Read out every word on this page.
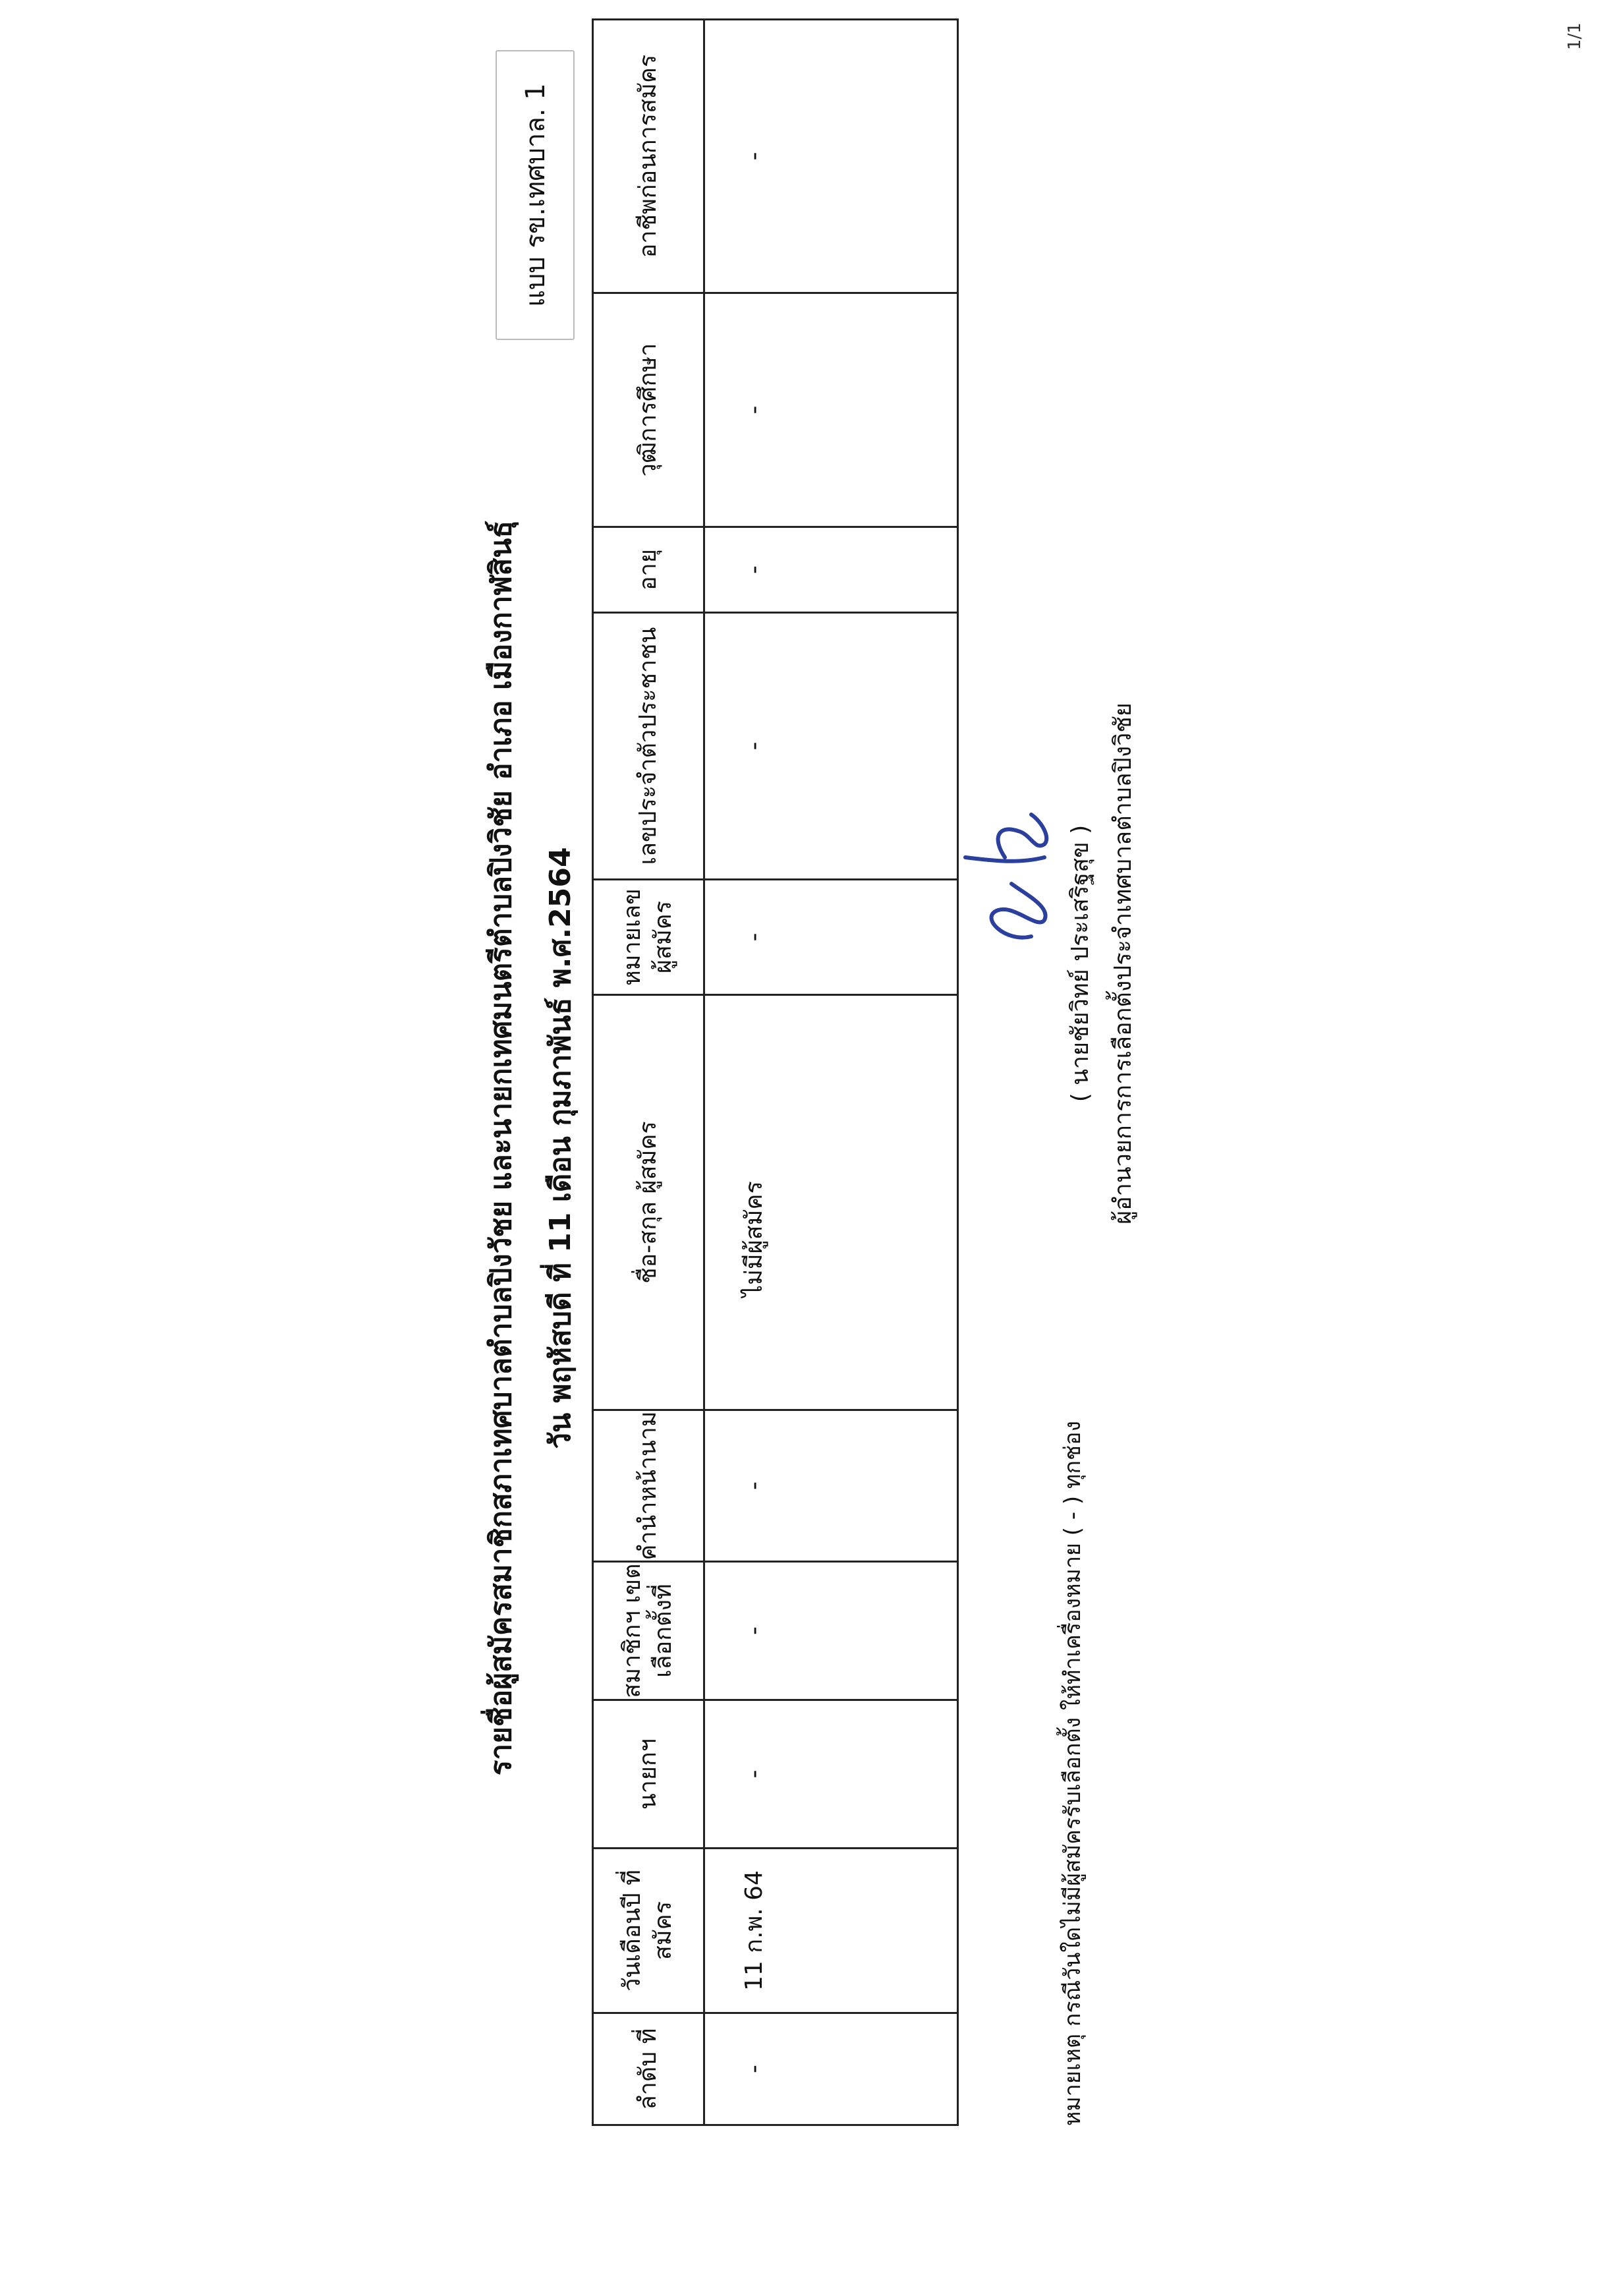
รายชื่อผู้สมัครสมาชิกสภาเทศบาลตำบลปิงวัชย และนายกเทศมนตรีตำบลปิงวิชัย อำเภอ เมืองกาฬสินธุ์ วัน พฤหัสบดี ที่ 11 เดือน กุมภาพันธ์ พ.ศ.2564
แบบ รข.เทศบาล. 1
ลำดับ ที่	วันเดือนปี ที่สมัคร	นายกฯ	สมาชิกฯ เขตเลือกตั้งที่	คำนำหน้านาม	ชื่อ-สกุล ผู้สมัคร	หมายเลข ผู้สมัคร	เลขประจำตัวประชาชน	อายุ	วุฒิการศึกษา	อาชีพก่อนการสมัคร
-	11 ก.พ. 64	-	-	-	ไม่มีผู้สมัคร	-	-	-	-	-
หมายเหตุ กรณีวันใดไม่มีผู้สมัครรับเลือกตั้ง ให้ทำเครื่องหมาย ( - ) ทุกช่อง
( นายชัยวิทย์ ประเสริฐสุข ) ผู้อำนวยการการเลือกตั้งประจำเทศบาลตำบลปิงวิชัย
1/1
